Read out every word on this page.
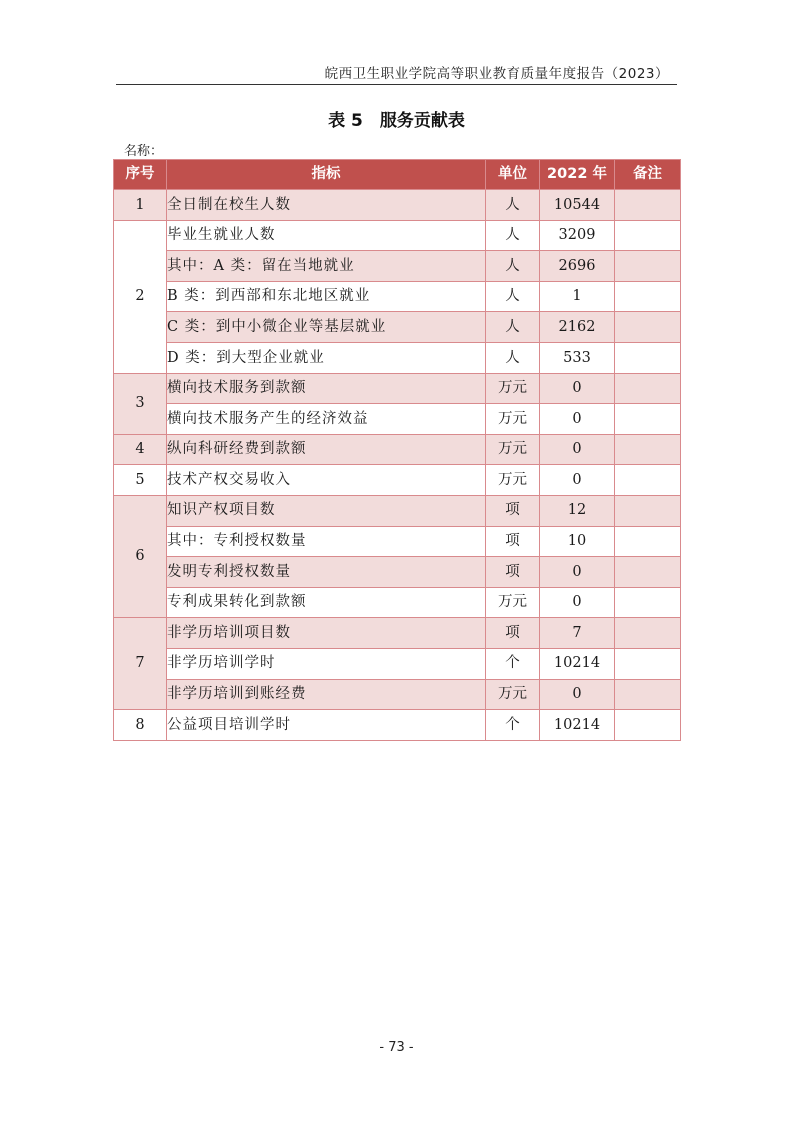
皖西卫生职业学院高等职业教育质量年度报告（2023）
表 5　服务贡献表
名称：
序号	指标	单位	2022 年	备注
1	全日制在校生人数	人	10544	
2	毕业生就业人数	人	3209	
	其中：A 类：留在当地就业	人	2696	
	B 类：到西部和东北地区就业	人	1	
	C 类：到中小微企业等基层就业	人	2162	
	D 类：到大型企业就业	人	533	
3	横向技术服务到款额	万元	0	
	横向技术服务产生的经济效益	万元	0	
4	纵向科研经费到款额	万元	0	
5	技术产权交易收入	万元	0	
6	知识产权项目数	项	12	
	其中：专利授权数量	项	10	
	发明专利授权数量	项	0	
	专利成果转化到款额	万元	0	
7	非学历培训项目数	项	7	
	非学历培训学时	个	10214	
	非学历培训到账经费	万元	0	
8	公益项目培训学时	个	10214	
- 73 -
